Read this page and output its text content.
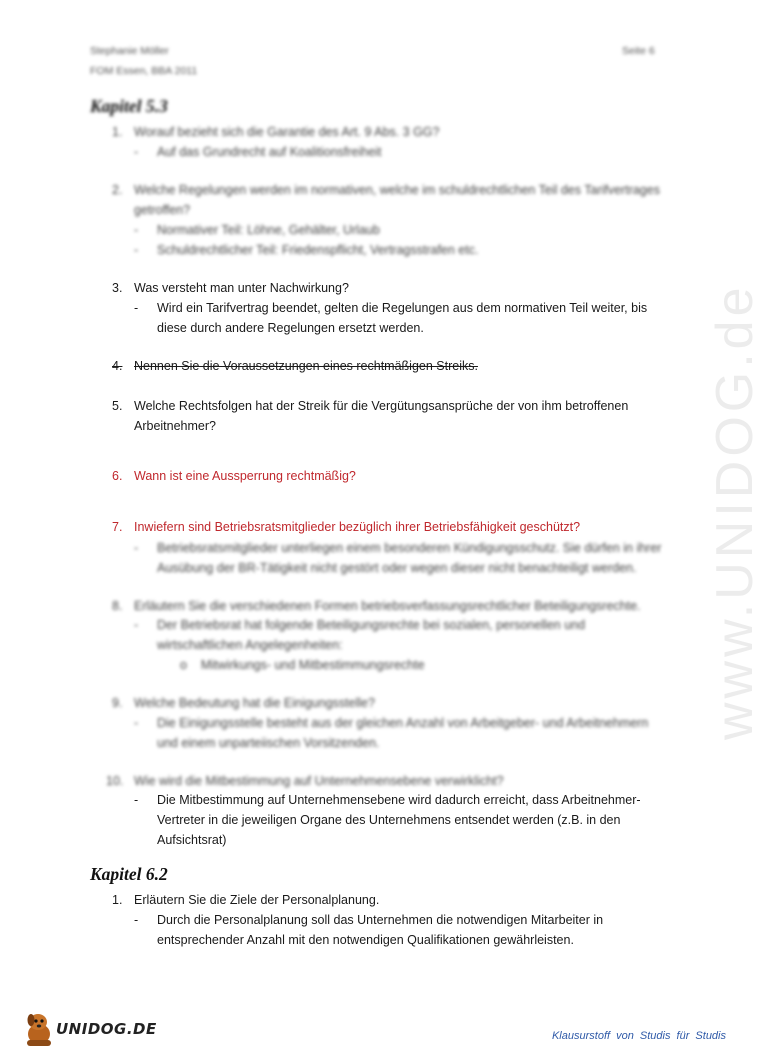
www.UNIDOG.de
Stephanie Möller
FOM Essen, BBA 2011
Seite 6
Kapitel 5.3
1. Worauf bezieht sich die Garantie des Art. 9 Abs. 3 GG?
- Auf das Grundrecht auf Koalitionsfreiheit
2. Welche Regelungen werden im normativen, welche im schuldrechtlichen Teil des Tarifvertrages getroffen?
- Normativer Teil: Löhne, Gehälter, Urlaub
- Schuldrechtlicher Teil: Friedenspflicht, Vertragsstrafen etc.
3. Was versteht man unter Nachwirkung?
- Wird ein Tarifvertrag beendet, gelten die Regelungen aus dem normativen Teil weiter, bis diese durch andere Regelungen ersetzt werden.
4. Nennen Sie die Voraussetzungen eines rechtmäßigen Streiks.
5. Welche Rechtsfolgen hat der Streik für die Vergütungsansprüche der von ihm betroffenen Arbeitnehmer?
6. Wann ist eine Aussperrung rechtmäßig?
7. Inwiefern sind Betriebsratsmitglieder bezüglich ihrer Betriebsfähigkeit geschützt?
- Betriebsratsmitglieder unterliegen einem besonderen Kündigungsschutz. Sie dürfen in ihrer Ausübung der BR-Tätigkeit nicht gestört oder wegen dieser nicht benachteiligt werden.
8. Erläutern Sie die verschiedenen Formen betriebsverfassungsrechtlicher Beteiligungsrechte.
- Der Betriebsrat hat folgende Beteiligungsrechte bei sozialen, personellen und wirtschaftlichen Angelegenheiten:
o Mitwirkungs- und Mitbestimmungsrechte
9. Welche Bedeutung hat die Einigungsstelle?
- Die Einigungsstelle besteht aus der gleichen Anzahl von Arbeitgeber- und Arbeitnehmern und einem unparteiischen Vorsitzenden.
10. Wie wird die Mitbestimmung auf Unternehmensebene verwirklicht?
- Die Mitbestimmung auf Unternehmensebene wird dadurch erreicht, dass Arbeitnehmer-Vertreter in die jeweiligen Organe des Unternehmens entsendet werden (z.B. in den Aufsichtsrat)
Kapitel 6.2
1. Erläutern Sie die Ziele der Personalplanung.
- Durch die Personalplanung soll das Unternehmen die notwendigen Mitarbeiter in entsprechender Anzahl mit den notwendigen Qualifikationen gewährleisten.
UNIDOG.DE	Klausurstoff von Studis für Studis
